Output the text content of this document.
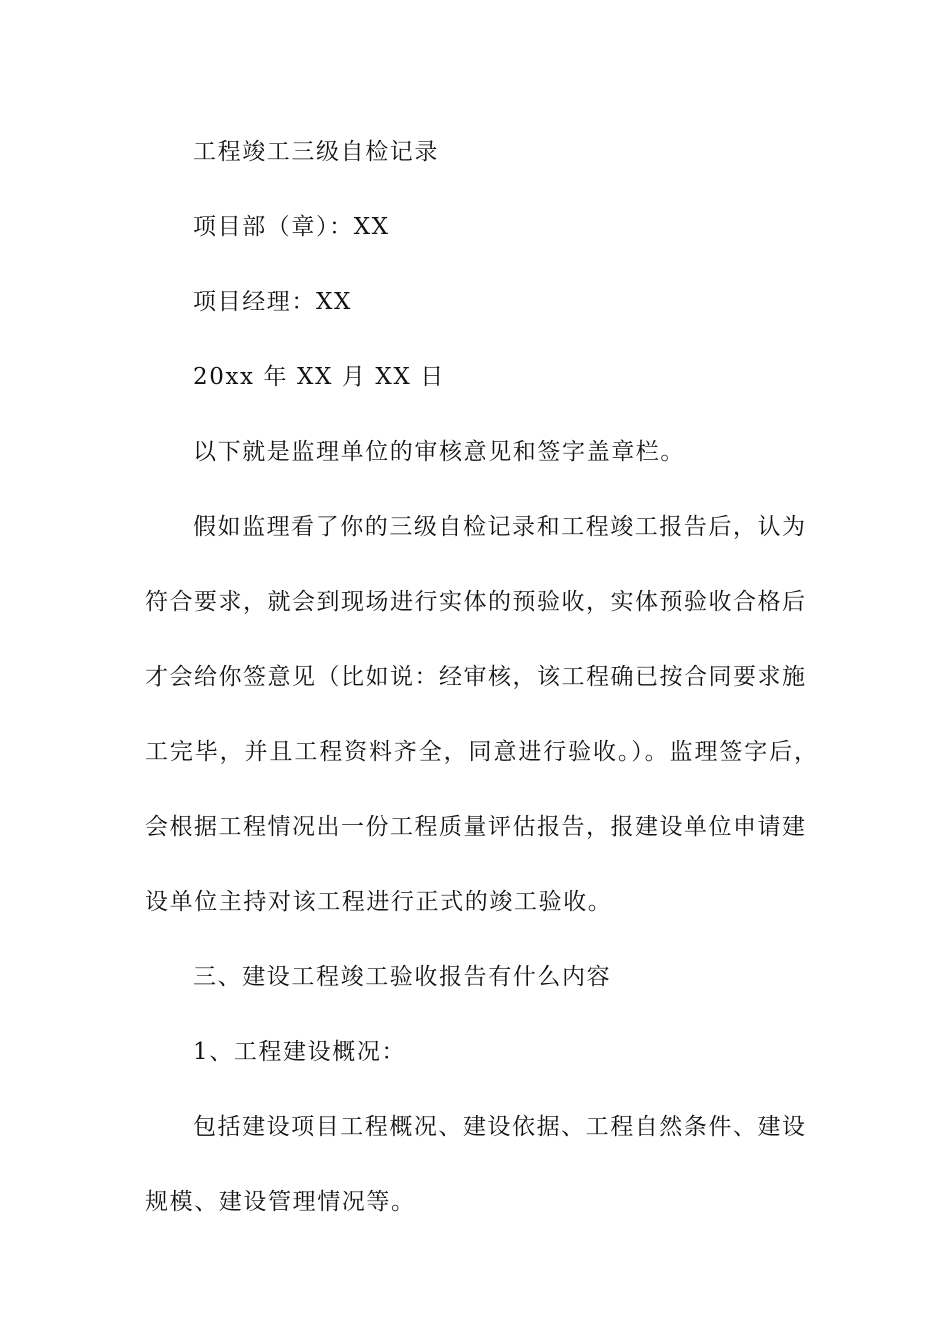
工程竣工三级自检记录
项目部（章）：XX
项目经理：XX
20xx 年 XX 月 XX 日
以下就是监理单位的审核意见和签字盖章栏。
假如监理看了你的三级自检记录和工程竣工报告后，认为
符合要求，就会到现场进行实体的预验收，实体预验收合格后
才会给你签意见（比如说：经审核，该工程确已按合同要求施
工完毕，并且工程资料齐全，同意进行验收。）。监理签字后，
会根据工程情况出一份工程质量评估报告，报建设单位申请建
设单位主持对该工程进行正式的竣工验收。
三、建设工程竣工验收报告有什么内容
1、工程建设概况：
包括建设项目工程概况、建设依据、工程自然条件、建设
规模、建设管理情况等。
